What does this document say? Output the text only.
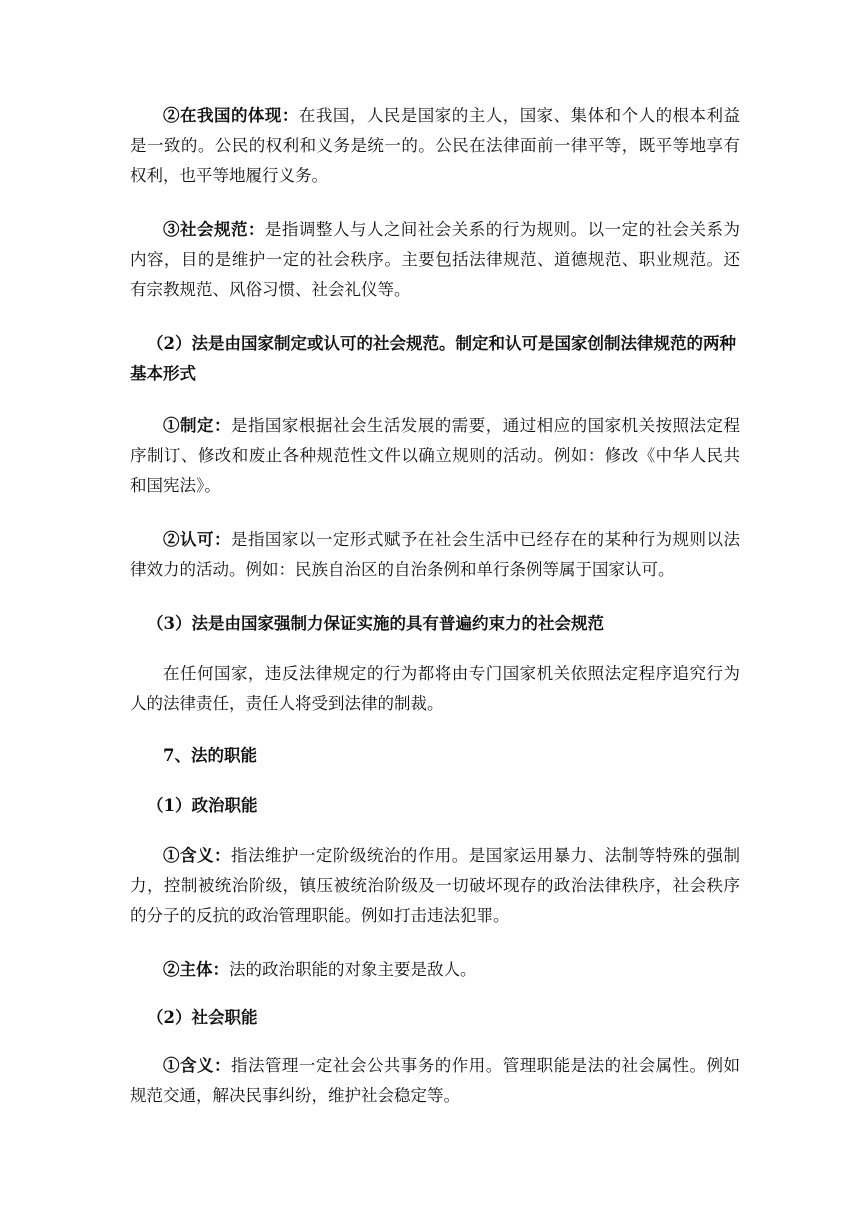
②在我国的体现：在我国，人民是国家的主人，国家、集体和个人的根本利益是一致的。公民的权利和义务是统一的。公民在法律面前一律平等，既平等地享有权利，也平等地履行义务。

③社会规范：是指调整人与人之间社会关系的行为规则。以一定的社会关系为内容，目的是维护一定的社会秩序。主要包括法律规范、道德规范、职业规范。还有宗教规范、风俗习惯、社会礼仪等。

（2）法是由国家制定或认可的社会规范。制定和认可是国家创制法律规范的两种基本形式

①制定：是指国家根据社会生活发展的需要，通过相应的国家机关按照法定程序制订、修改和废止各种规范性文件以确立规则的活动。例如：修改《中华人民共和国宪法》。

②认可：是指国家以一定形式赋予在社会生活中已经存在的某种行为规则以法律效力的活动。例如：民族自治区的自治条例和单行条例等属于国家认可。

（3）法是由国家强制力保证实施的具有普遍约束力的社会规范

在任何国家，违反法律规定的行为都将由专门国家机关依照法定程序追究行为人的法律责任，责任人将受到法律的制裁。

7、法的职能

（1）政治职能

①含义：指法维护一定阶级统治的作用。是国家运用暴力、法制等特殊的强制力，控制被统治阶级，镇压被统治阶级及一切破坏现存的政治法律秩序，社会秩序的分子的反抗的政治管理职能。例如打击违法犯罪。

②主体：法的政治职能的对象主要是敌人。

（2）社会职能

①含义：指法管理一定社会公共事务的作用。管理职能是法的社会属性。例如规范交通，解决民事纠纷，维护社会稳定等。
